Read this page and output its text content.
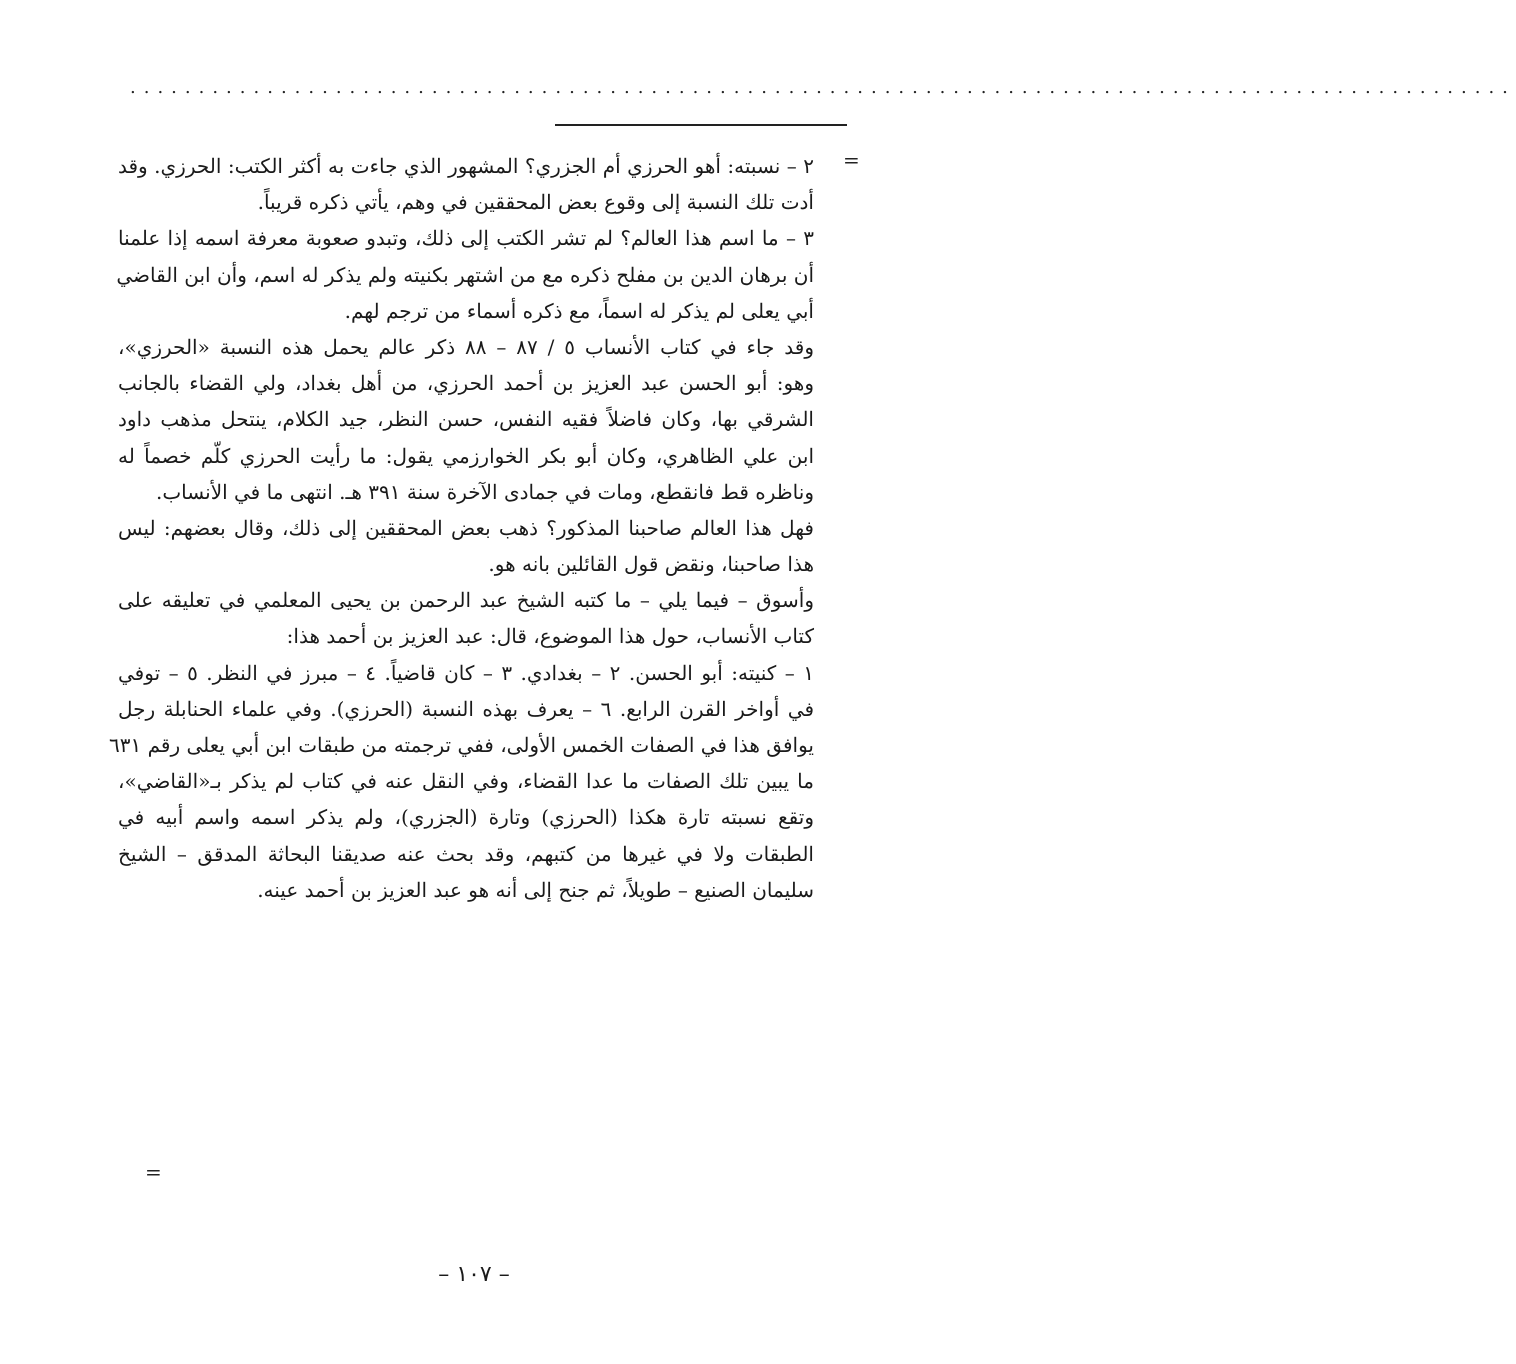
.....................................................................................................
=
٢ – نسبته: أهو الحرزي أم الجزري؟ المشهور الذي جاءت به أكثر الكتب: الحرزي. وقد
أدت تلك النسبة إلى وقوع بعض المحققين في وهم، يأتي ذكره قريباً.
٣ – ما اسم هذا العالم؟ لم تشر الكتب إلى ذلك، وتبدو صعوبة معرفة اسمه إذا علمنا
أن برهان الدين بن مفلح ذكره مع من اشتهر بكنيته ولم يذكر له اسم، وأن ابن القاضي
أبي يعلى لم يذكر له اسماً، مع ذكره أسماء من ترجم لهم.
وقد جاء في كتاب الأنساب ٥ / ٨٧ – ٨٨ ذكر عالم يحمل هذه النسبة «الحرزي»،
وهو: أبو الحسن عبد العزيز بن أحمد الحرزي، من أهل بغداد، ولي القضاء بالجانب
الشرقي بها، وكان فاضلاً فقيه النفس، حسن النظر، جيد الكلام، ينتحل مذهب داود
ابن علي الظاهري، وكان أبو بكر الخوارزمي يقول: ما رأيت الحرزي كلّم خصماً له
وناظره قط فانقطع، ومات في جمادى الآخرة سنة ٣٩١ هـ. انتهى ما في الأنساب.
فهل هذا العالم صاحبنا المذكور؟ ذهب بعض المحققين إلى ذلك، وقال بعضهم: ليس
هذا صاحبنا، ونقض قول القائلين بانه هو.
وأسوق – فيما يلي – ما كتبه الشيخ عبد الرحمن بن يحيى المعلمي في تعليقه على
كتاب الأنساب، حول هذا الموضوع، قال: عبد العزيز بن أحمد هذا:
١ – كنيته: أبو الحسن. ٢ – بغدادي. ٣ – كان قاضياً. ٤ – مبرز في النظر. ٥ – توفي
في أواخر القرن الرابع. ٦ – يعرف بهذه النسبة (الحرزي). وفي علماء الحنابلة رجل
يوافق هذا في الصفات الخمس الأولى، ففي ترجمته من طبقات ابن أبي يعلى رقم ٦٣١
ما يبين تلك الصفات ما عدا القضاء، وفي النقل عنه في كتاب لم يذكر بـ«القاضي»،
وتقع نسبته تارة هكذا (الحرزي) وتارة (الجزري)، ولم يذكر اسمه واسم أبيه في
الطبقات ولا في غيرها من كتبهم، وقد بحث عنه صديقنا البحاثة المدقق – الشيخ
سليمان الصنيع – طويلاً، ثم جنح إلى أنه هو عبد العزيز بن أحمد عينه.
=
– ١٠٧ –
